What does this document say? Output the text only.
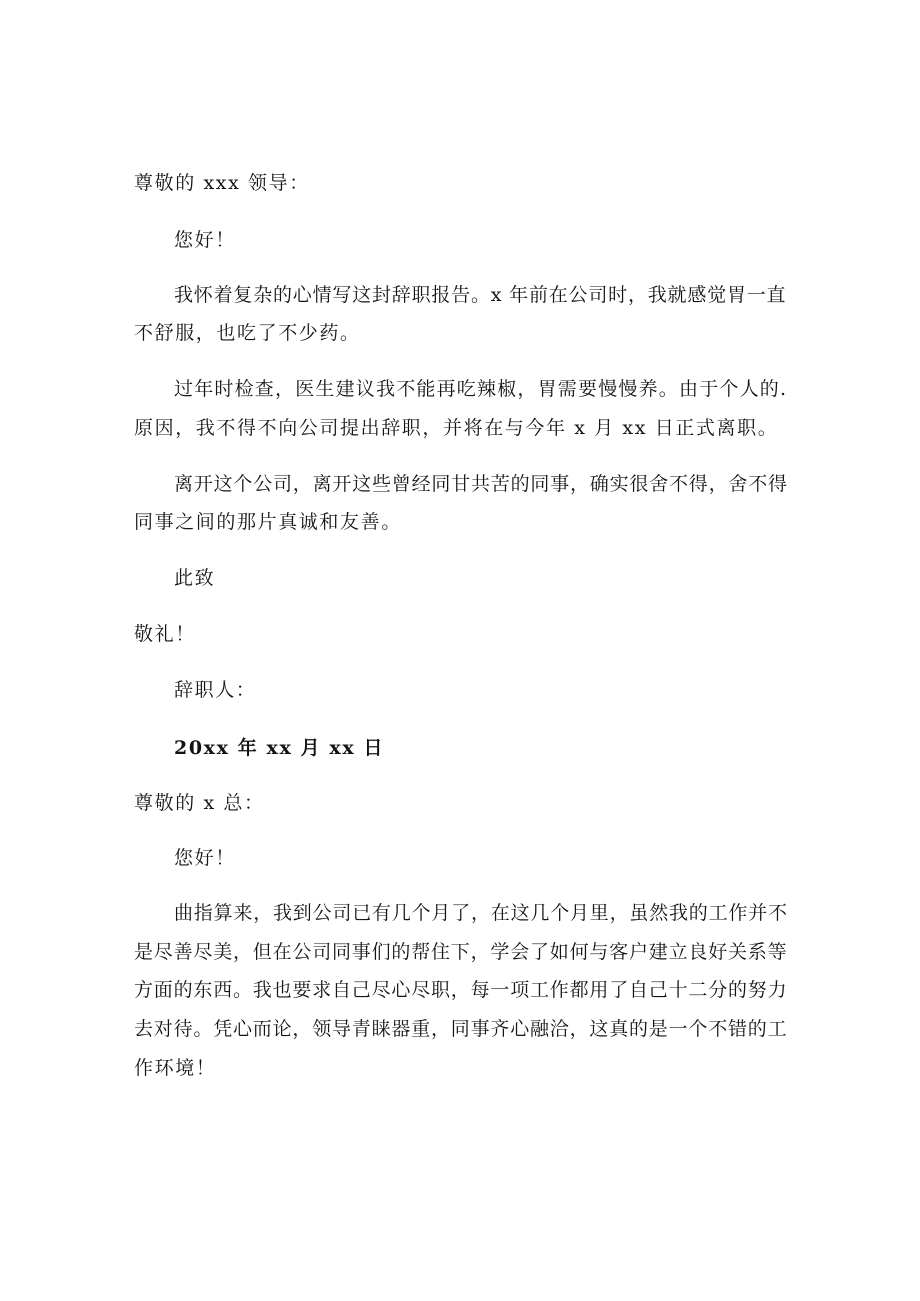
尊敬的 xxx 领导：
您好！
我怀着复杂的心情写这封辞职报告。x 年前在公司时，我就感觉胃一直
不舒服，也吃了不少药。
过年时检查，医生建议我不能再吃辣椒，胃需要慢慢养。由于个人的.
原因，我不得不向公司提出辞职，并将在与今年 x 月 xx 日正式离职。
离开这个公司，离开这些曾经同甘共苦的同事，确实很舍不得，舍不得
同事之间的那片真诚和友善。
此致
敬礼！
辞职人：
20xx 年 xx 月 xx 日
尊敬的 x 总：
您好！
曲指算来，我到公司已有几个月了，在这几个月里，虽然我的工作并不
是尽善尽美，但在公司同事们的帮住下，学会了如何与客户建立良好关系等
方面的东西。我也要求自己尽心尽职，每一项工作都用了自己十二分的努力
去对待。凭心而论，领导青睐器重，同事齐心融洽，这真的是一个不错的工
作环境！
